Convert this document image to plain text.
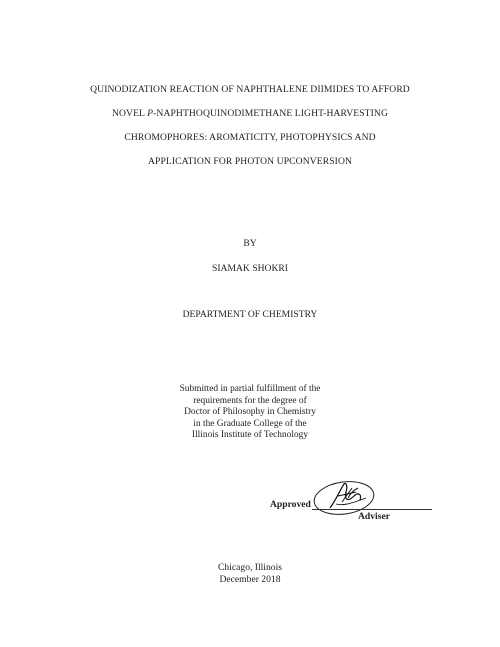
QUINODIZATION REACTION OF NAPHTHALENE DIIMIDES TO AFFORD
NOVEL P-NAPHTHOQUINODIMETHANE LIGHT-HARVESTING
CHROMOPHORES: AROMATICITY, PHOTOPHYSICS AND
APPLICATION FOR PHOTON UPCONVERSION
BY
SIAMAK SHOKRI
DEPARTMENT OF CHEMISTRY
Submitted in partial fulfillment of the
requirements for the degree of
Doctor of Philosophy in Chemistry
in the Graduate College of the
Illinois Institute of Technology
Approved
Adviser
Chicago, Illinois
December 2018
